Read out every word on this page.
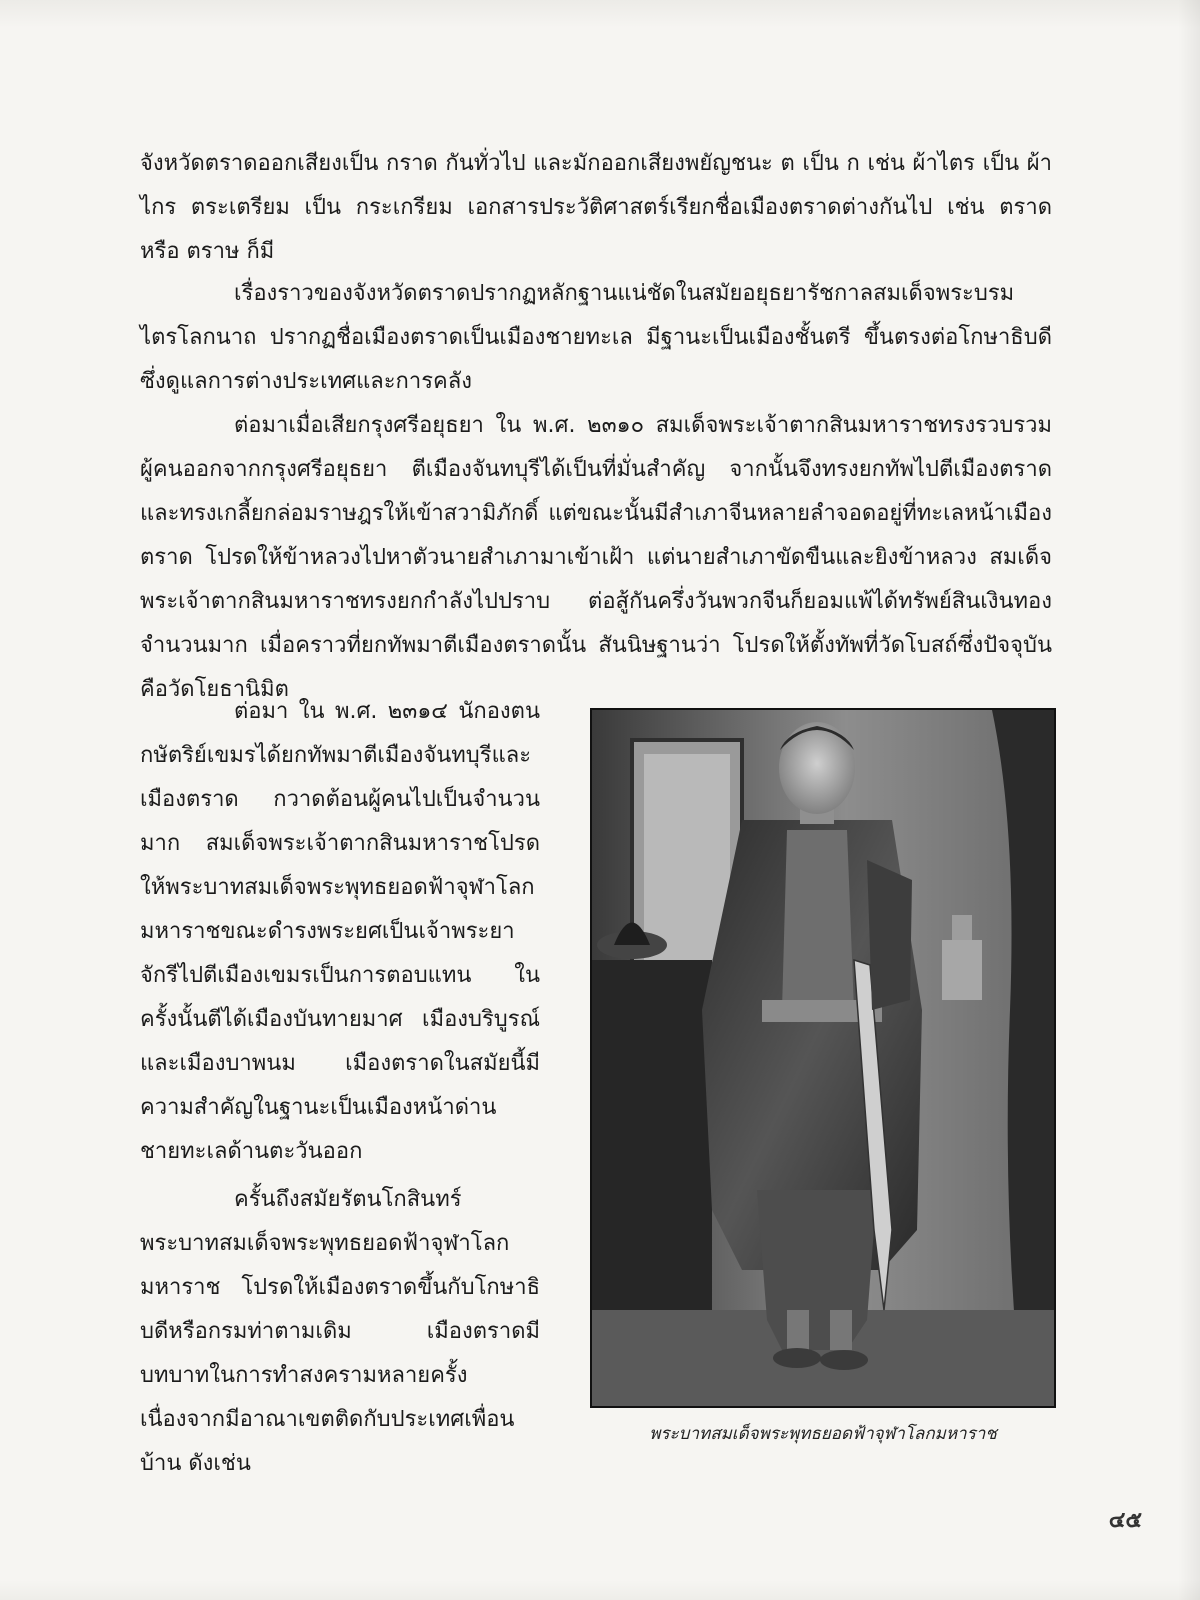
จังหวัดตราดออกเสียงเป็น กราด กันทั่วไป และมักออกเสียงพยัญชนะ ต เป็น ก เช่น ผ้าไตร เป็น ผ้าไกร ตระเตรียม เป็น กระเกรียม เอกสารประวัติศาสตร์เรียกชื่อเมืองตราดต่างกันไป เช่น ตราด หรือ ตราษ ก็มี

เรื่องราวของจังหวัดตราดปรากฏหลักฐานแน่ชัดในสมัยอยุธยารัชกาลสมเด็จพระบรมไตรโลกนาถ ปรากฏชื่อเมืองตราดเป็นเมืองชายทะเล มีฐานะเป็นเมืองชั้นตรี ขึ้นตรงต่อโกษาธิบดี ซึ่งดูแลการต่างประเทศและการคลัง

ต่อมาเมื่อเสียกรุงศรีอยุธยา ใน พ.ศ. ๒๓๑๐ สมเด็จพระเจ้าตากสินมหาราชทรงรวบรวมผู้คนออกจากกรุงศรีอยุธยา ตีเมืองจันทบุรีได้เป็นที่มั่นสำคัญ จากนั้นจึงทรงยกทัพไปตีเมืองตราดและทรงเกลี้ยกล่อมราษฎรให้เข้าสวามิภักดิ์ แต่ขณะนั้นมีสำเภาจีนหลายลำจอดอยู่ที่ทะเลหน้าเมืองตราด โปรดให้ข้าหลวงไปหาตัวนายสำเภามาเข้าเฝ้า แต่นายสำเภาขัดขืนและยิงข้าหลวง สมเด็จพระเจ้าตากสินมหาราชทรงยกกำลังไปปราบ ต่อสู้กันครึ่งวันพวกจีนก็ยอมแพ้ได้ทรัพย์สินเงินทองจำนวนมาก เมื่อคราวที่ยกทัพมาตีเมืองตราดนั้น สันนิษฐานว่า โปรดให้ตั้งทัพที่วัดโบสถ์ซึ่งปัจจุบันคือวัดโยธานิมิต

ต่อมา ใน พ.ศ. ๒๓๑๔ นักองตนกษัตริย์เขมรได้ยกทัพมาตีเมืองจันทบุรีและเมืองตราด กวาดต้อนผู้คนไปเป็นจำนวนมาก สมเด็จพระเจ้าตากสินมหาราชโปรดให้พระบาทสมเด็จพระพุทธยอดฟ้าจุฬาโลกมหาราชขณะดำรงพระยศเป็นเจ้าพระยาจักรีไปตีเมืองเขมรเป็นการตอบแทน ในครั้งนั้นตีได้เมืองบันทายมาศ เมืองบริบูรณ์ และเมืองบาพนม เมืองตราดในสมัยนี้มีความสำคัญในฐานะเป็นเมืองหน้าด่านชายทะเลด้านตะวันออก

ครั้นถึงสมัยรัตนโกสินทร์ พระบาทสมเด็จพระพุทธยอดฟ้าจุฬาโลกมหาราช โปรดให้เมืองตราดขึ้นกับโกษาธิบดีหรือกรมท่าตามเดิม เมืองตราดมีบทบาทในการทำสงครามหลายครั้ง เนื่องจากมีอาณาเขตติดกับประเทศเพื่อนบ้าน ดังเช่น

พระบาทสมเด็จพระพุทธยอดฟ้าจุฬาโลกมหาราช
๔๕
